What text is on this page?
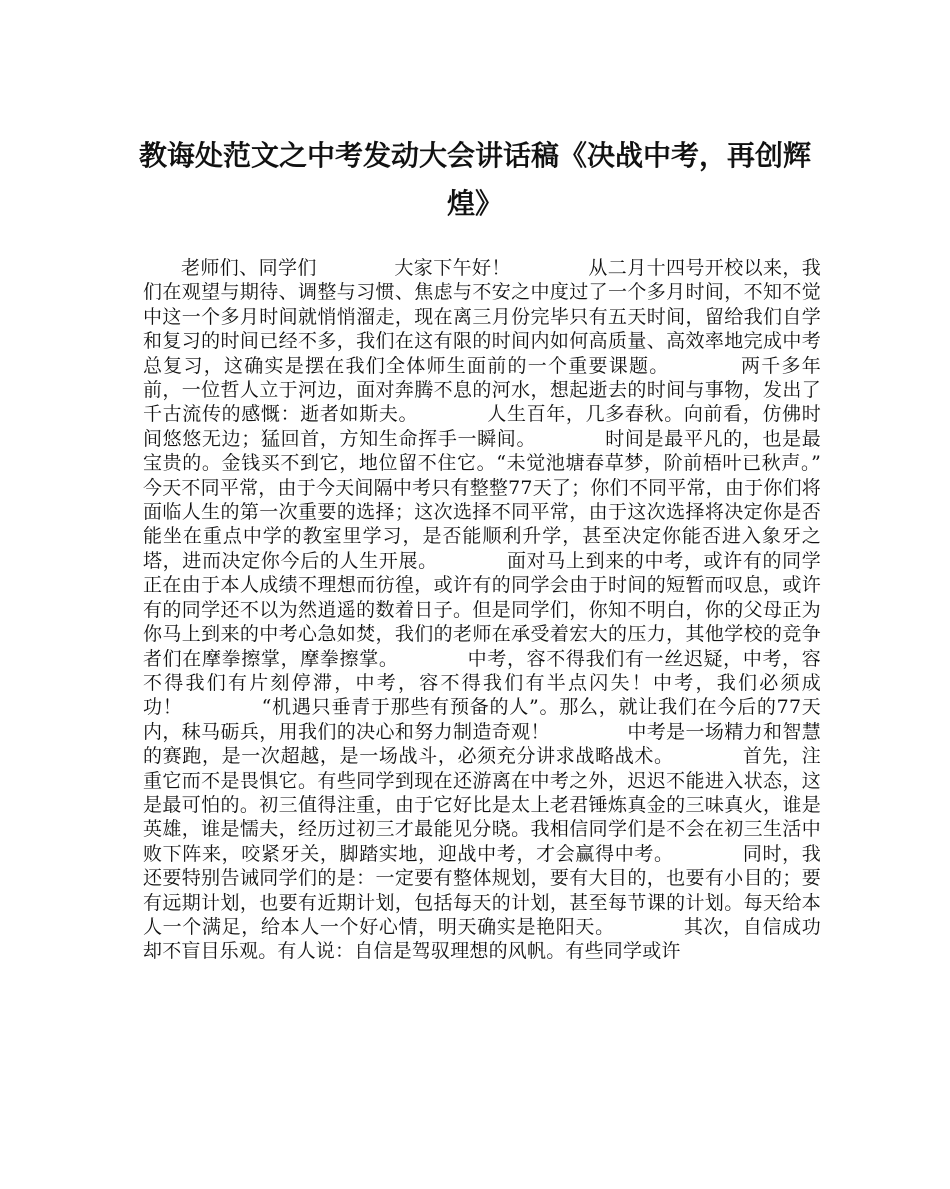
教诲处范文之中考发动大会讲话稿《决战中考，再创辉煌》

老师们、同学们　　　　大家下午好！　　　　从二月十四号开校以来，我们在观望与期待、调整与习惯、焦虑与不安之中度过了一个多月时间，不知不觉中这一个多月时间就悄悄溜走，现在离三月份完毕只有五天时间，留给我们自学和复习的时间已经不多，我们在这有限的时间内如何高质量、高效率地完成中考总复习，这确实是摆在我们全体师生面前的一个重要课题。　　　　两千多年前，一位哲人立于河边，面对奔腾不息的河水，想起逝去的时间与事物，发出了千古流传的感慨：逝者如斯夫。　　　　人生百年，几多春秋。向前看，仿佛时间悠悠无边；猛回首，方知生命挥手一瞬间。　　　　时间是最平凡的，也是最宝贵的。金钱买不到它，地位留不住它。“未觉池塘春草梦，阶前梧叶已秋声。”　　　　今天不同平常，由于今天间隔中考只有整整77天了；你们不同平常，由于你们将面临人生的第一次重要的选择；这次选择不同平常，由于这次选择将决定你是否能坐在重点中学的教室里学习，是否能顺利升学，甚至决定你能否进入象牙之塔，进而决定你今后的人生开展。　　　　面对马上到来的中考，或许有的同学正在由于本人成绩不理想而彷徨，或许有的同学会由于时间的短暂而叹息，或许有的同学还不以为然逍遥的数着日子。但是同学们，你知不明白，你的父母正为你马上到来的中考心急如焚，我们的老师在承受着宏大的压力，其他学校的竞争者们在摩拳擦掌，摩拳擦掌。　　　　中考，容不得我们有一丝迟疑，中考，容不得我们有片刻停滞，中考，容不得我们有半点闪失！中考，我们必须成功！　　　　“机遇只垂青于那些有预备的人”。那么，就让我们在今后的77天内，秣马砺兵，用我们的决心和努力制造奇观！　　　　中考是一场精力和智慧的赛跑，是一次超越，是一场战斗，必须充分讲求战略战术。　　　　首先，注重它而不是畏惧它。有些同学到现在还游离在中考之外，迟迟不能进入状态，这是最可怕的。初三值得注重，由于它好比是太上老君锤炼真金的三味真火，谁是英雄，谁是懦夫，经历过初三才最能见分晓。我相信同学们是不会在初三生活中败下阵来，咬紧牙关，脚踏实地，迎战中考，才会赢得中考。　　　　同时，我还要特别告诫同学们的是：一定要有整体规划，要有大目的，也要有小目的；要有远期计划，也要有近期计划，包括每天的计划，甚至每节课的计划。每天给本人一个满足，给本人一个好心情，明天确实是艳阳天。　　　　其次，自信成功却不盲目乐观。有人说：自信是驾驭理想的风帆。有些同学或许
